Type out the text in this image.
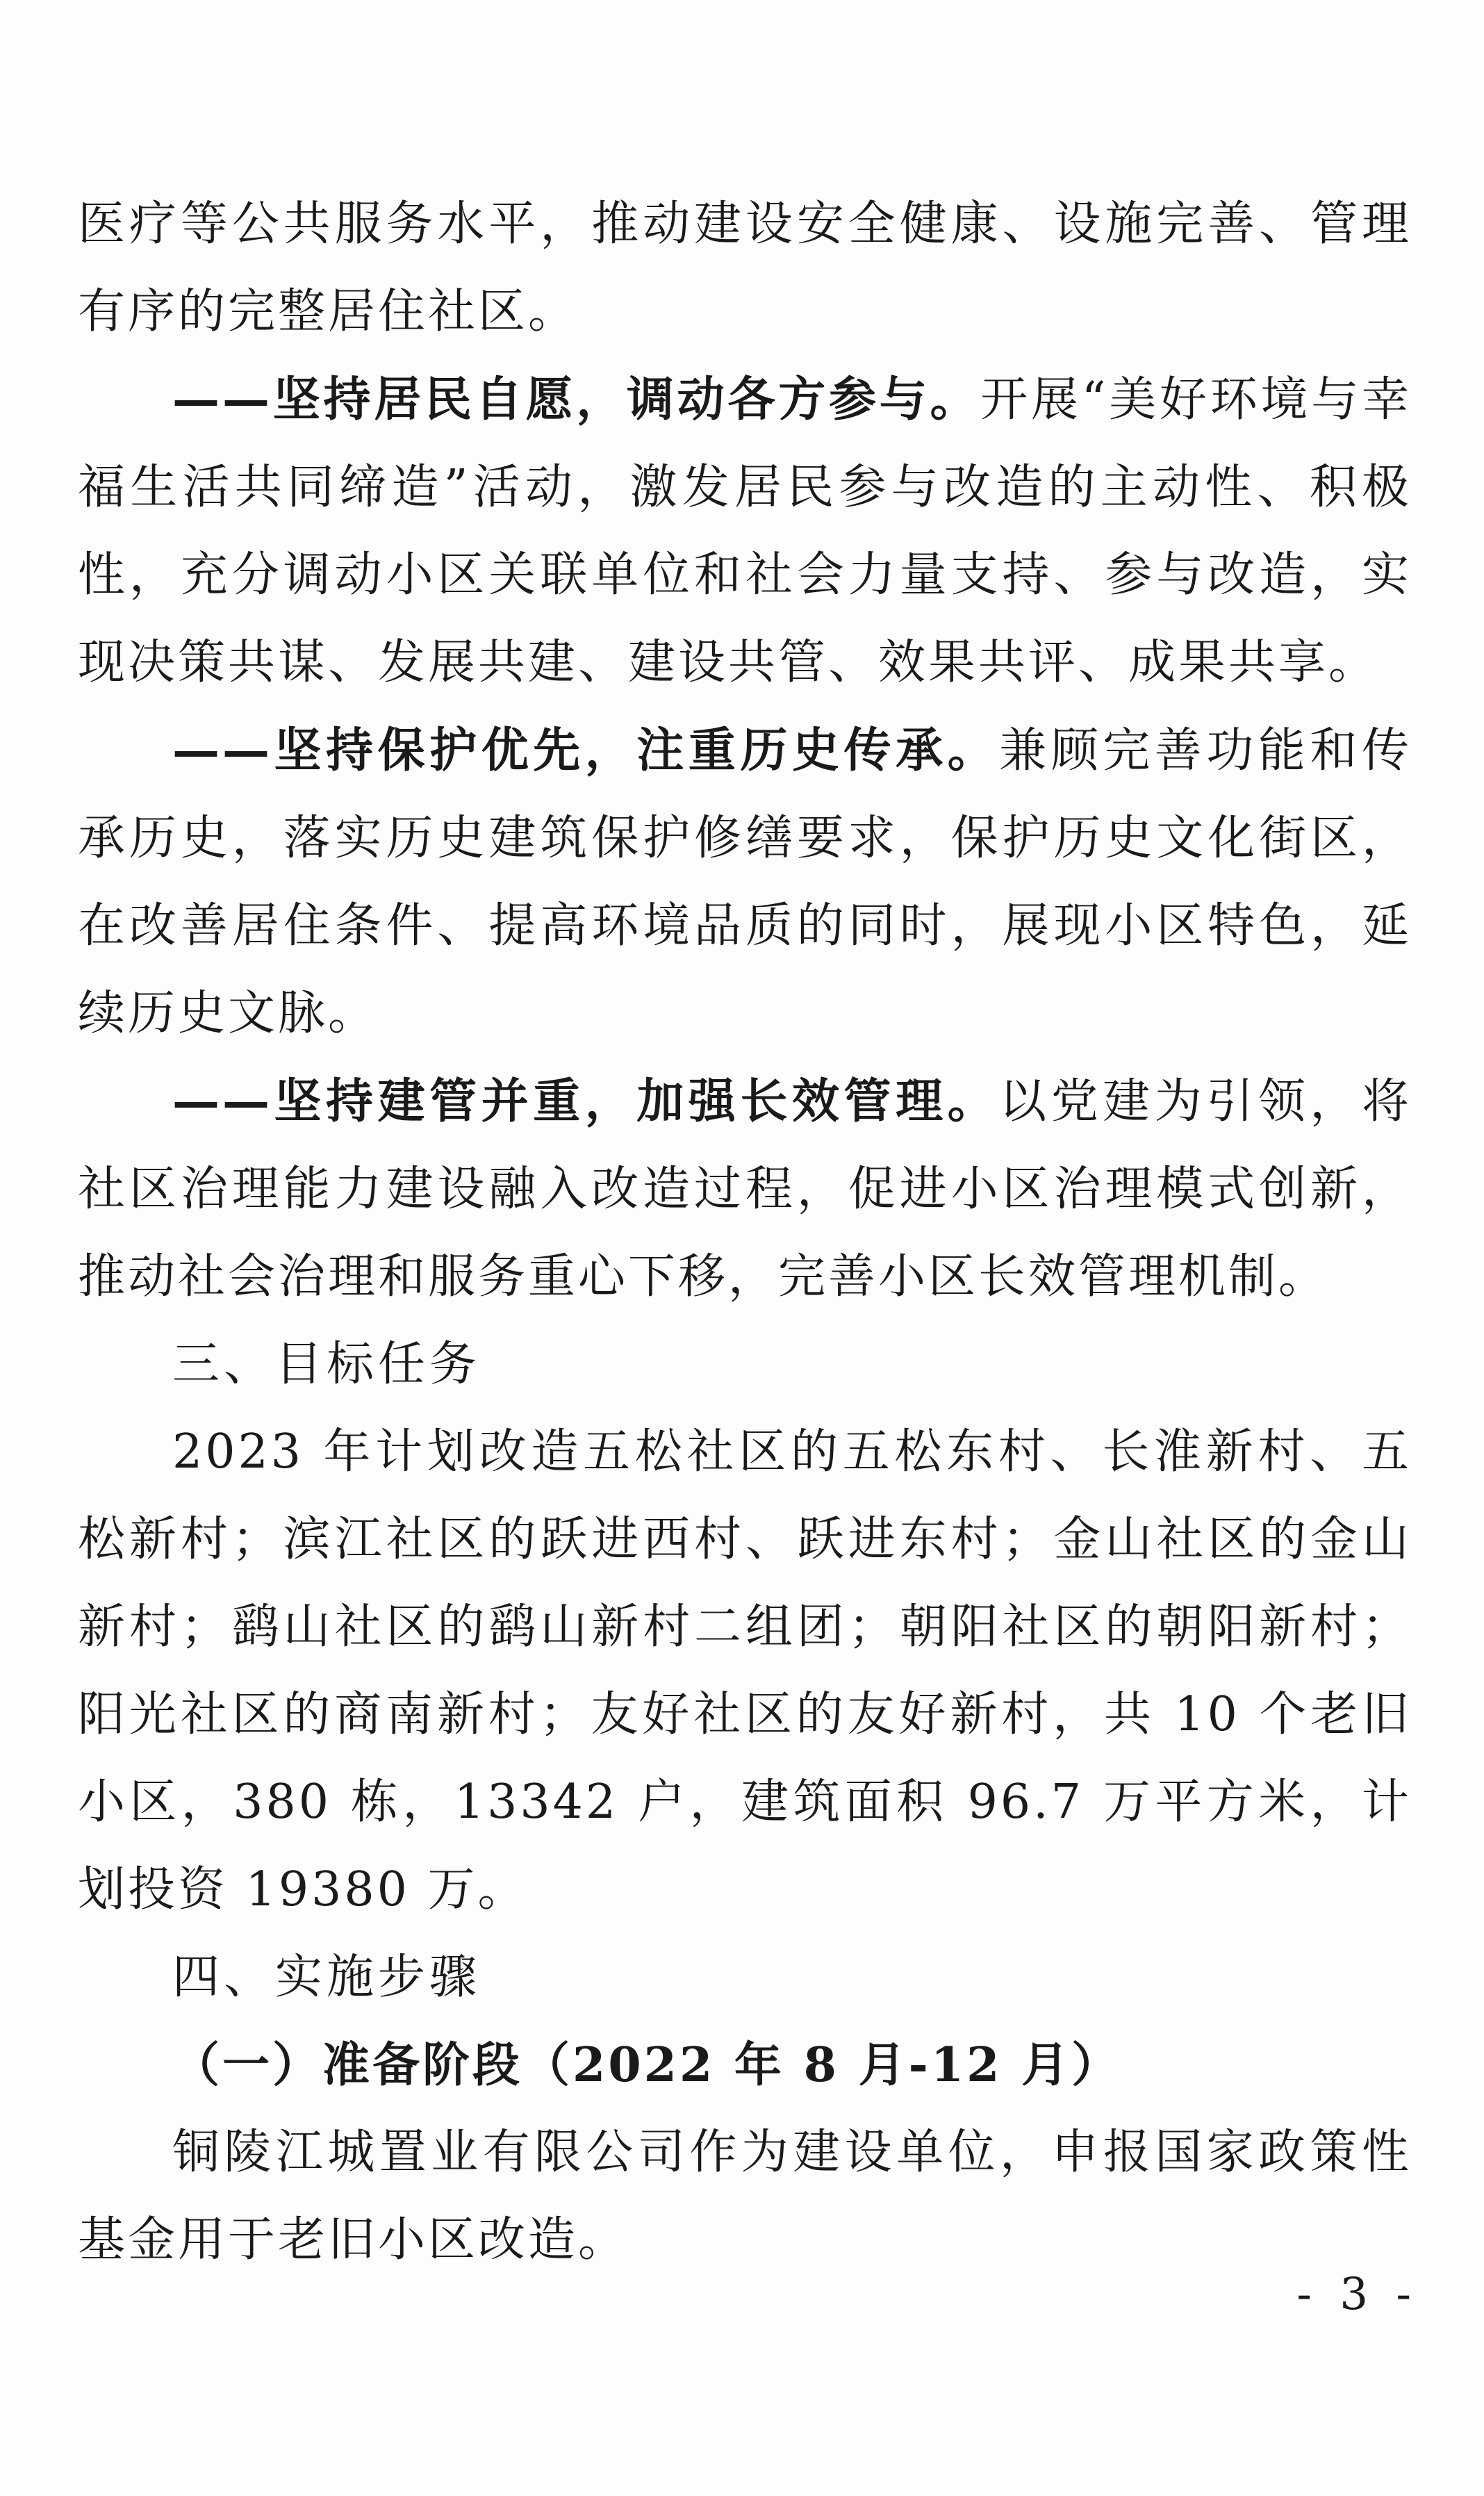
医疗等公共服务水平，推动建设安全健康、设施完善、管理有序的完整居住社区。

——坚持居民自愿，调动各方参与。开展“美好环境与幸福生活共同缔造”活动，激发居民参与改造的主动性、积极性，充分调动小区关联单位和社会力量支持、参与改造，实现决策共谋、发展共建、建设共管、效果共评、成果共享。

——坚持保护优先，注重历史传承。兼顾完善功能和传承历史，落实历史建筑保护修缮要求，保护历史文化街区，在改善居住条件、提高环境品质的同时，展现小区特色，延续历史文脉。

——坚持建管并重，加强长效管理。以党建为引领，将社区治理能力建设融入改造过程，促进小区治理模式创新，推动社会治理和服务重心下移，完善小区长效管理机制。

三、目标任务

2023 年计划改造五松社区的五松东村、长淮新村、五松新村；滨江社区的跃进西村、跃进东村；金山社区的金山新村；鹞山社区的鹞山新村二组团；朝阳社区的朝阳新村；阳光社区的商南新村；友好社区的友好新村，共 10 个老旧小区，380 栋，13342 户，建筑面积 96.7 万平方米，计划投资 19380 万。

四、实施步骤

（一）准备阶段（2022 年 8 月-12 月）

铜陵江城置业有限公司作为建设单位，申报国家政策性基金用于老旧小区改造。

- 3 -
